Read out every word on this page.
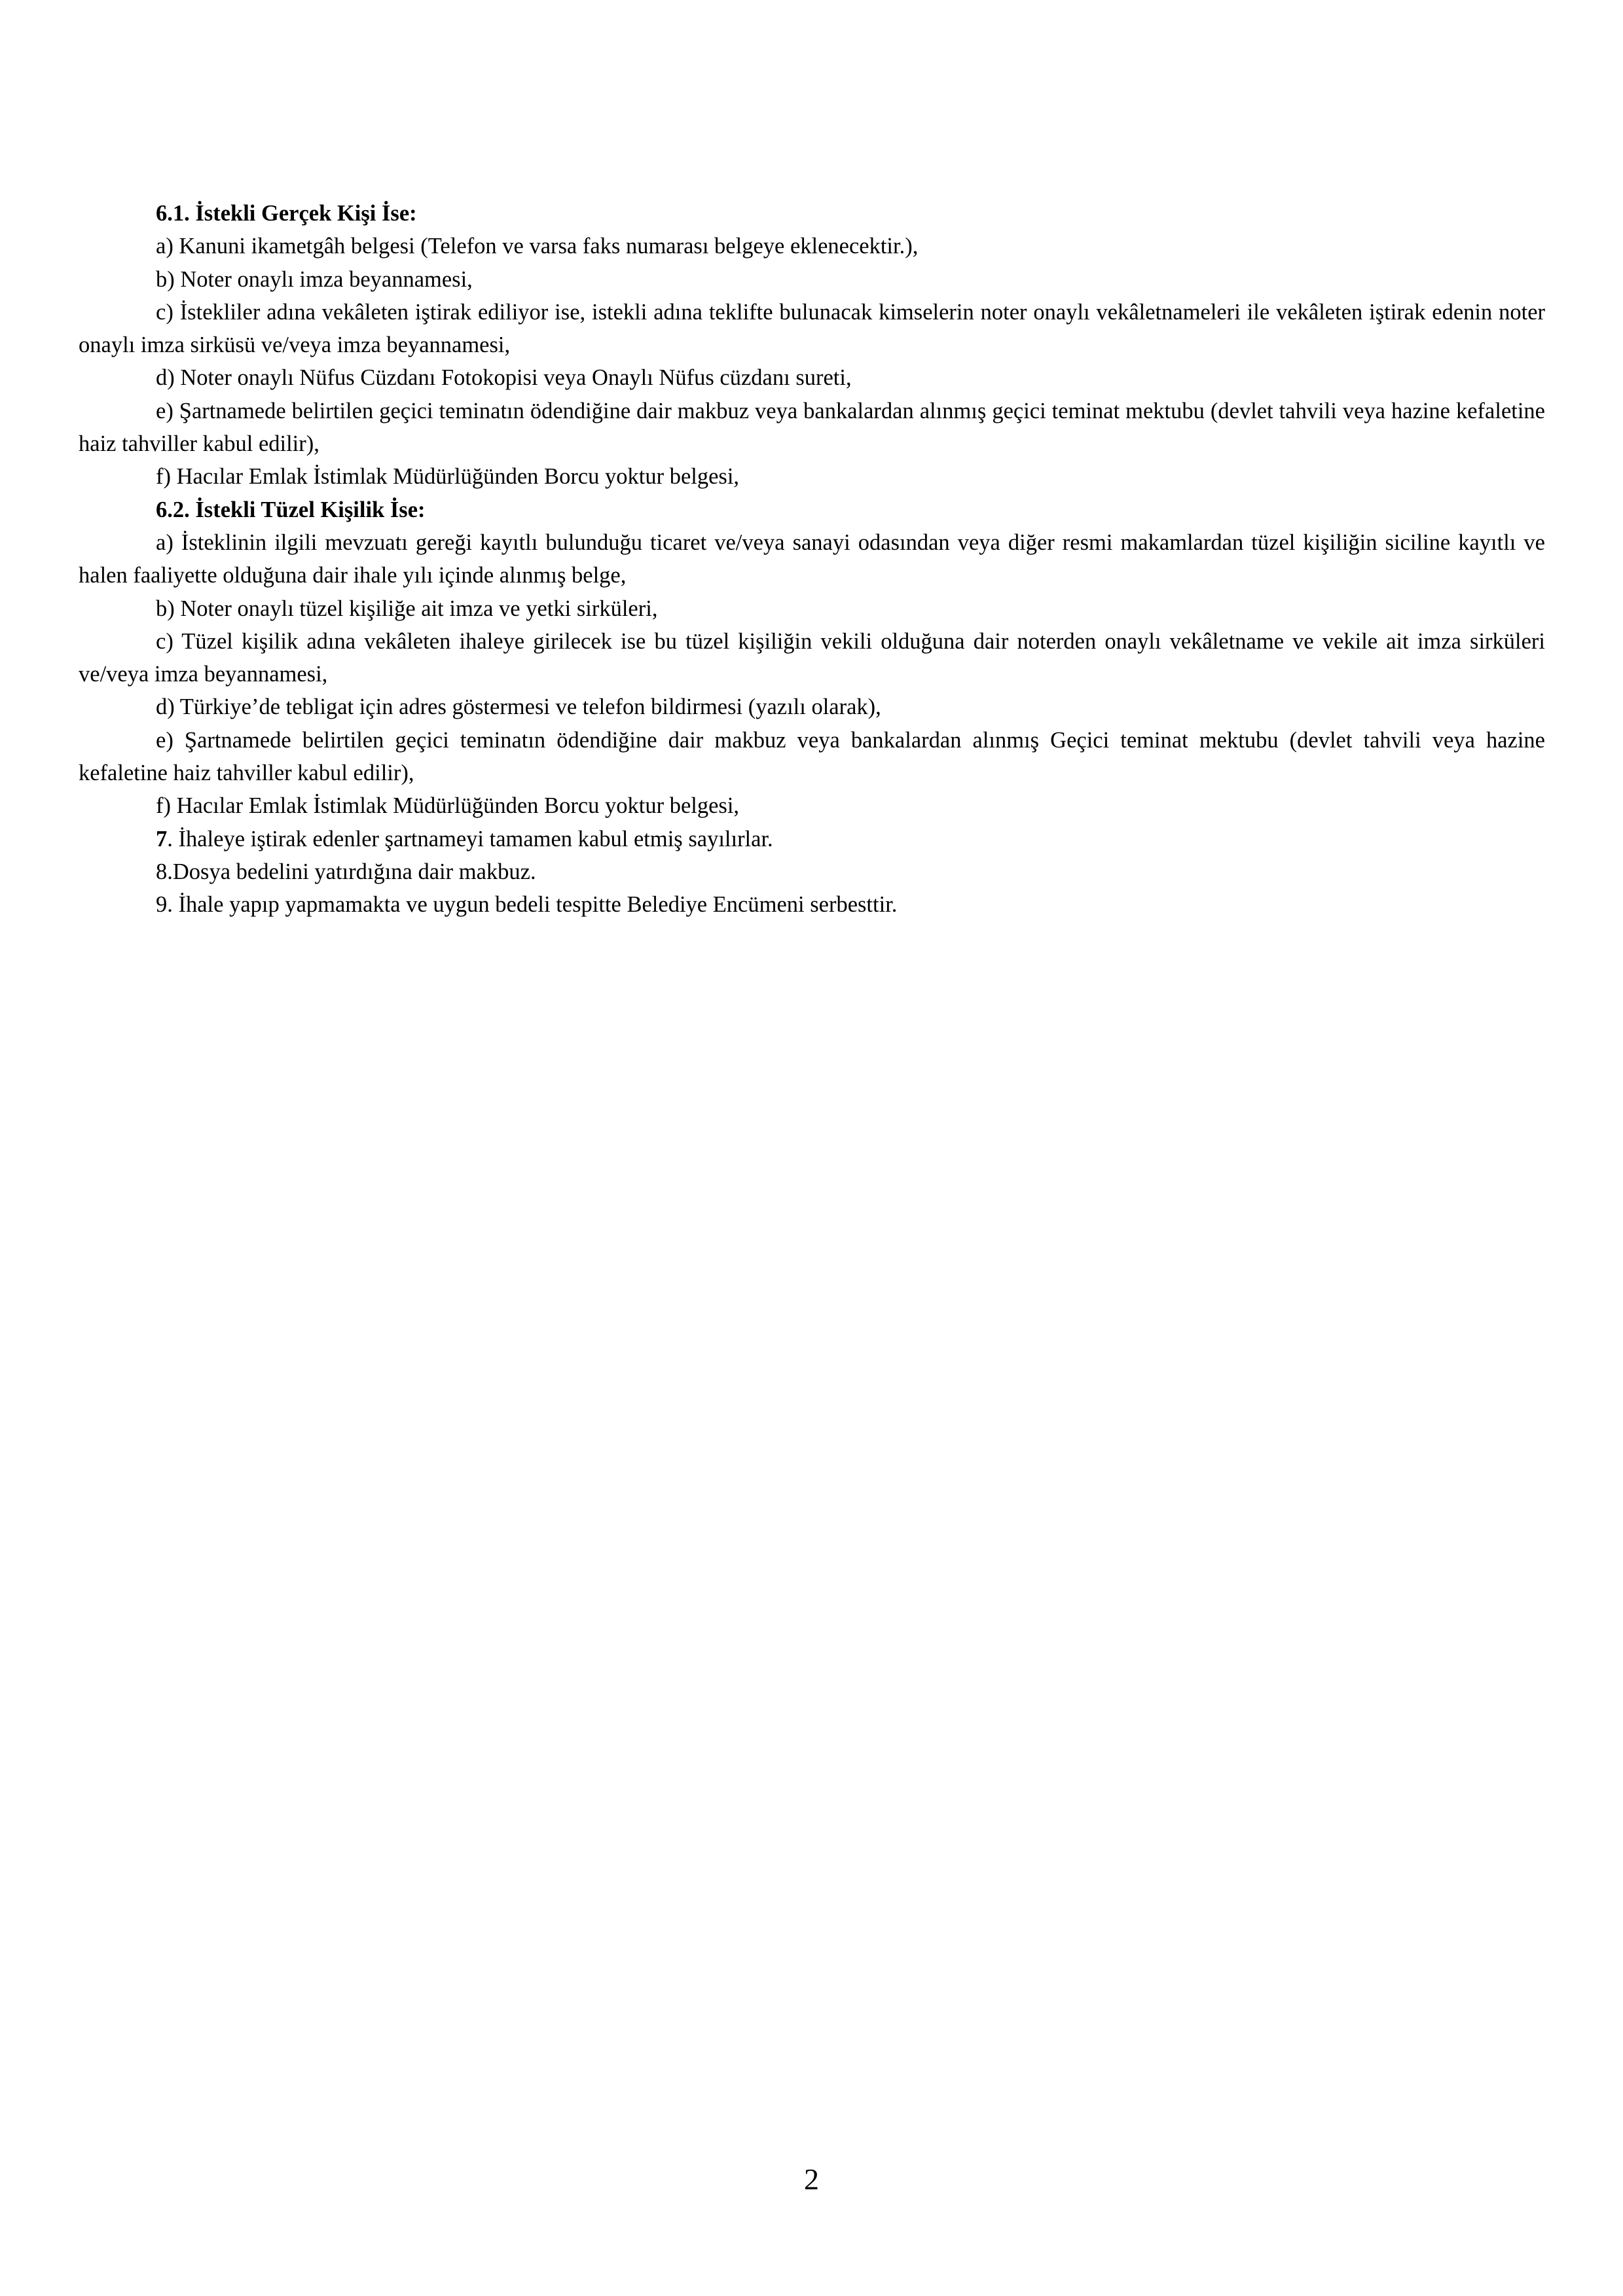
6.1. İstekli Gerçek Kişi İse:

a) Kanuni ikametgâh belgesi (Telefon ve varsa faks numarası belgeye eklenecektir.),

b) Noter onaylı imza beyannamesi,

c) İstekliler adına vekâleten iştirak ediliyor ise, istekli adına teklifte bulunacak kimselerin noter onaylı vekâletnameleri ile vekâleten iştirak edenin noter onaylı imza sirküsü ve/veya imza beyannamesi,

d) Noter onaylı Nüfus Cüzdanı Fotokopisi veya Onaylı Nüfus cüzdanı sureti,

e) Şartnamede belirtilen geçici teminatın ödendiğine dair makbuz veya bankalardan alınmış geçici teminat mektubu (devlet tahvili veya hazine kefaletine haiz tahviller kabul edilir),

f) Hacılar Emlak İstimlak Müdürlüğünden Borcu yoktur belgesi,

6.2. İstekli Tüzel Kişilik İse:

a) İsteklinin ilgili mevzuatı gereği kayıtlı bulunduğu ticaret ve/veya sanayi odasından veya diğer resmi makamlardan tüzel kişiliğin siciline kayıtlı ve halen faaliyette olduğuna dair ihale yılı içinde alınmış belge,

b) Noter onaylı tüzel kişiliğe ait imza ve yetki sirküleri,

c) Tüzel kişilik adına vekâleten ihaleye girilecek ise bu tüzel kişiliğin vekili olduğuna dair noterden onaylı vekâletname ve vekile ait imza sirküleri ve/veya imza beyannamesi,

d) Türkiye’de tebligat için adres göstermesi ve telefon bildirmesi (yazılı olarak),

e) Şartnamede belirtilen geçici teminatın ödendiğine dair makbuz veya bankalardan alınmış Geçici teminat mektubu (devlet tahvili veya hazine kefaletine haiz tahviller kabul edilir),

f) Hacılar Emlak İstimlak Müdürlüğünden Borcu yoktur belgesi,

7. İhaleye iştirak edenler şartnameyi tamamen kabul etmiş sayılırlar.

8.Dosya bedelini yatırdığına dair makbuz.

9. İhale yapıp yapmamakta ve uygun bedeli tespitte Belediye Encümeni serbesttir.

2
